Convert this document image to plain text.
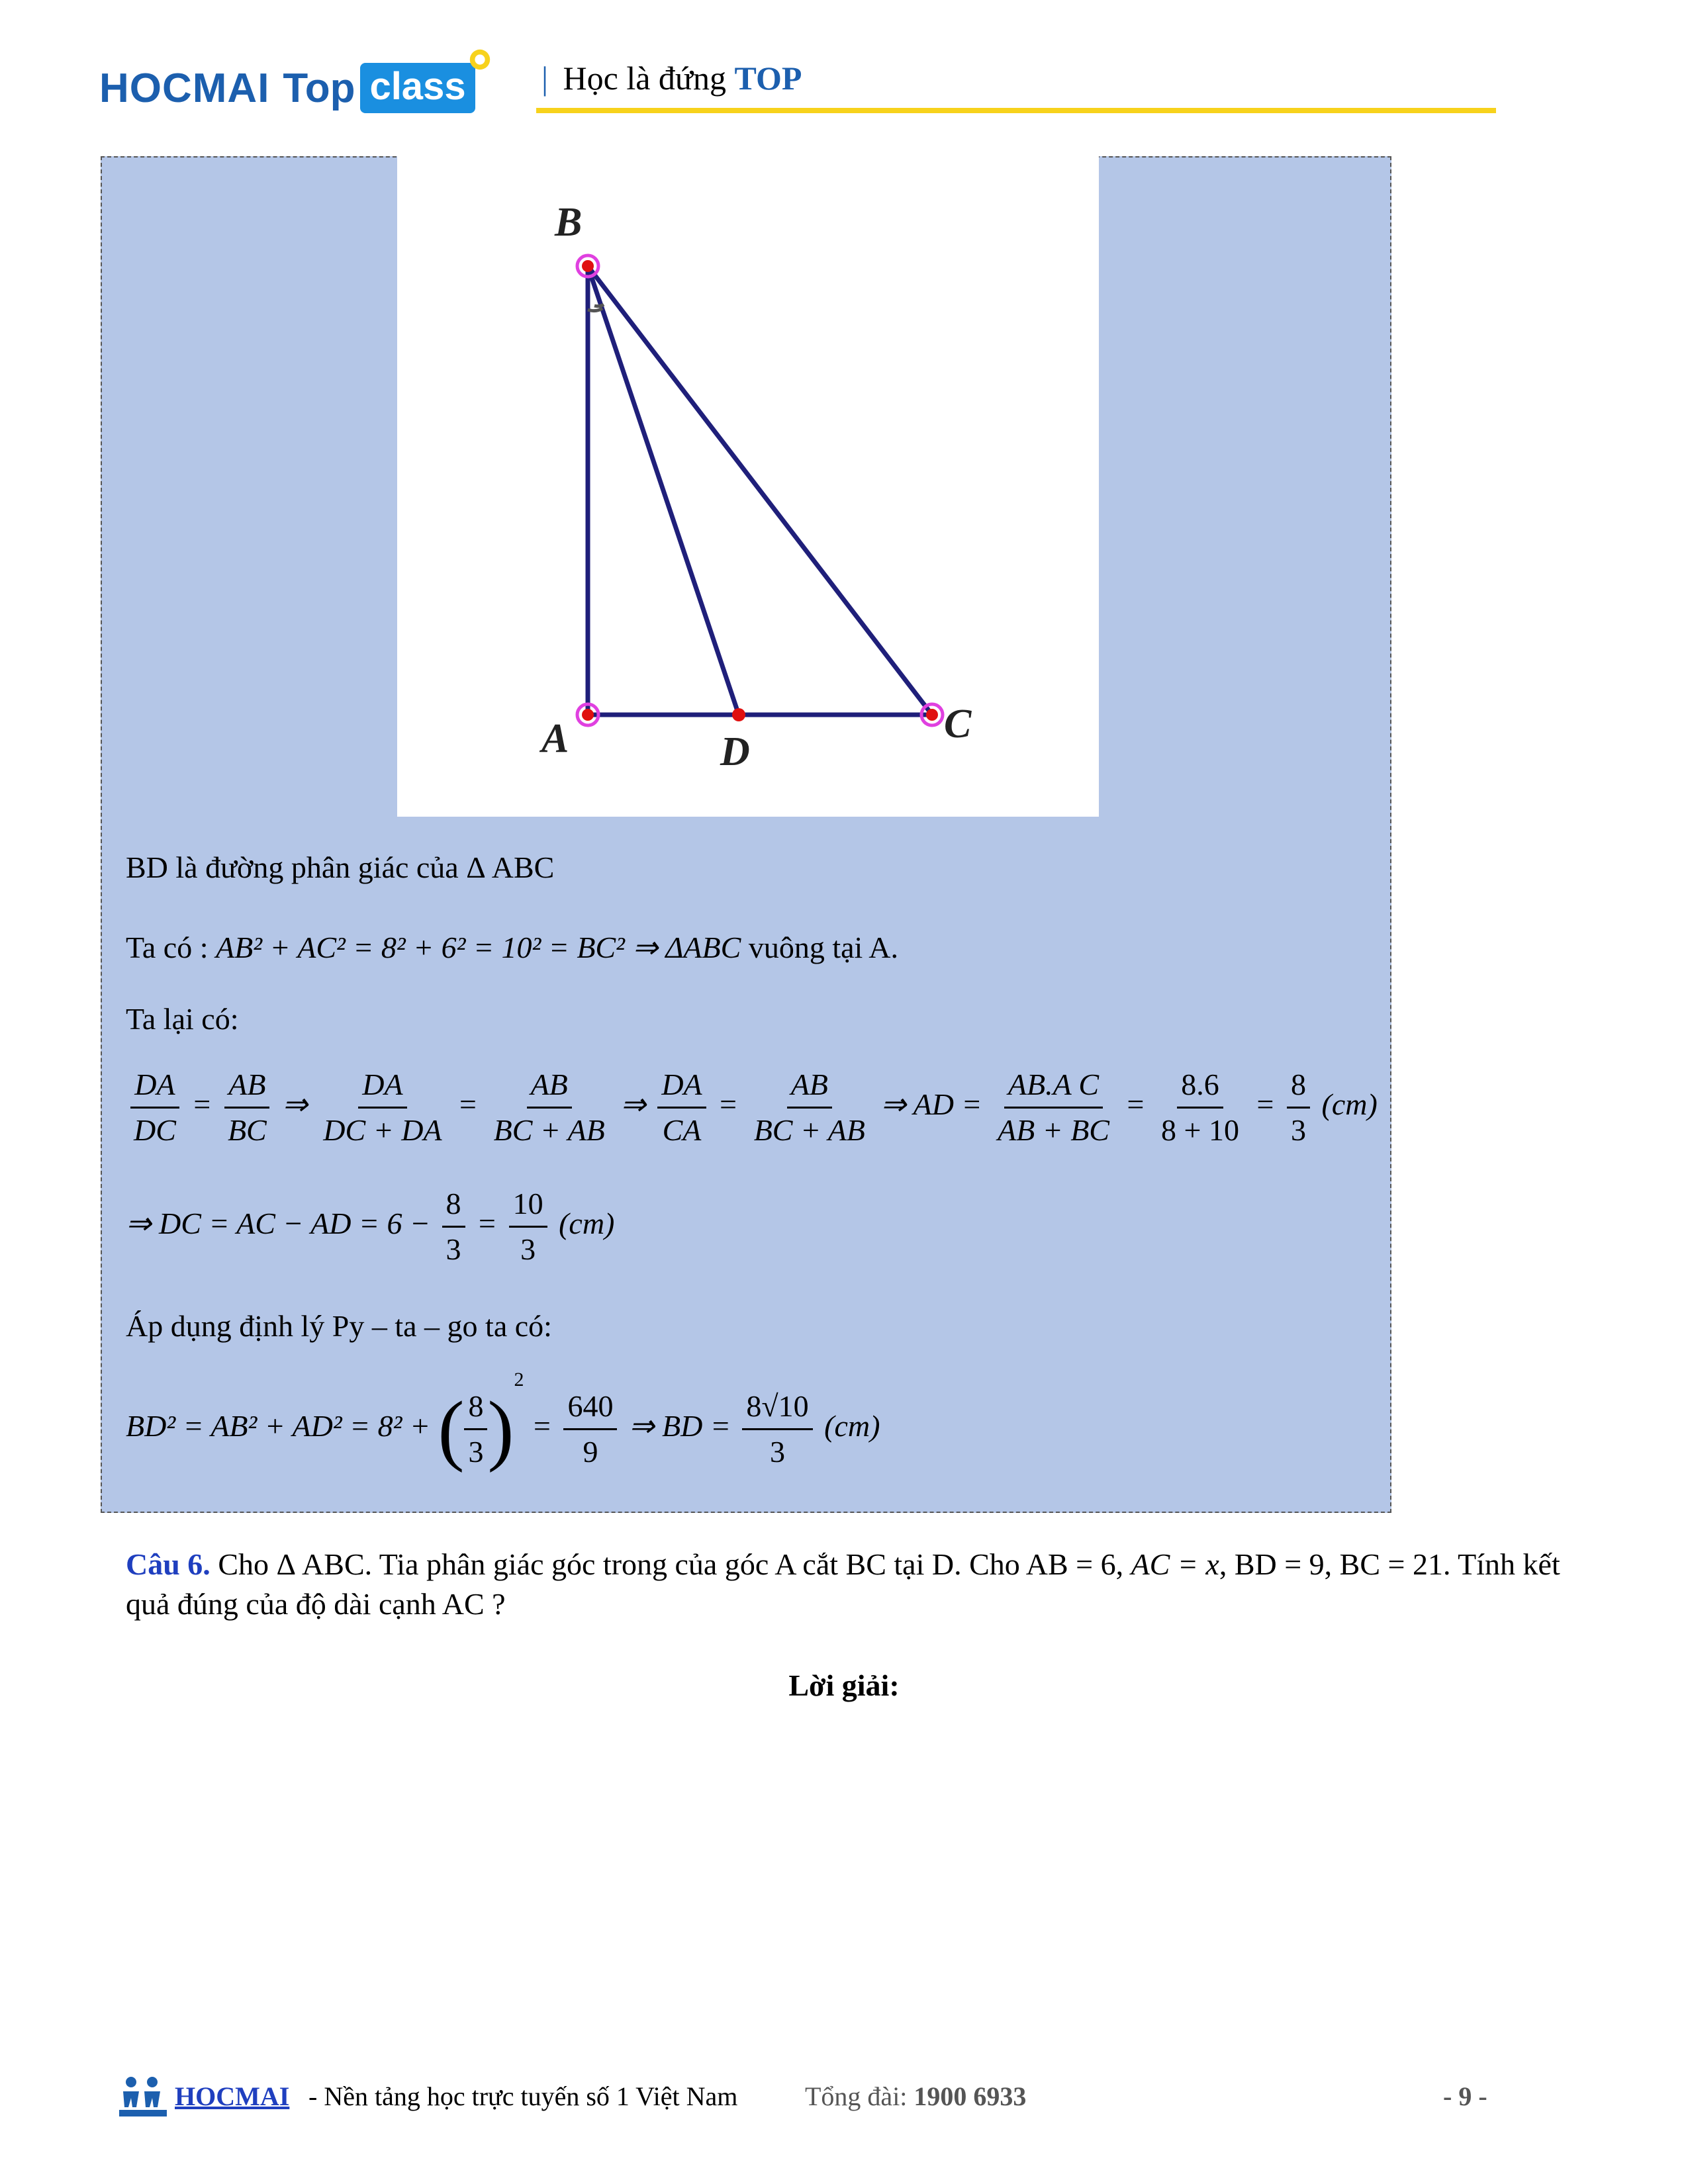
HOCMAI Top class | Học là đứng TOP
B
A	D
C
BD là đường phân giác của Δ ABC
Ta có : AB² + AC² = 8² + 6² = 10² = BC² ⇒ ΔABC vuông tại A.
Ta lại có:
$\frac{DA}{DC} = \frac{AB}{BC}$ ⇒ $\frac{DA}{DC + DA} = \frac{AB}{BC + AB}$ ⇒ $\frac{DA}{CA} = \frac{AB}{BC + AB}$ ⇒ AD = $\frac{\text{AB.A C}}{AB + BC} = \frac{8.6}{8 + 10} = \frac{8}{3} (cm)$
⇒ DC = AC − AD = $6 - \frac{8}{3} = \frac{10}{3} (cm)$
Áp dụng định lý Py – ta – go ta có:
BD² = AB² + AD² = 8² + ( $\frac{8}{3} )^2 = \frac{640}{9}$ ⇒ BD = $\frac{8√10}{3} (cm)$
Câu 6. Cho Δ ABC. Tia phân giác góc trong của góc A cắt BC tại D. Cho AB = 6, AC = x, BD = 9, BC = 21. Tính kết quả đúng của độ dài cạnh AC ?
Lời giải:
HOCMAI - Nền tảng học trực tuyến số 1 Việt Nam	Tổng đài: 1900 6933	- 9 -
